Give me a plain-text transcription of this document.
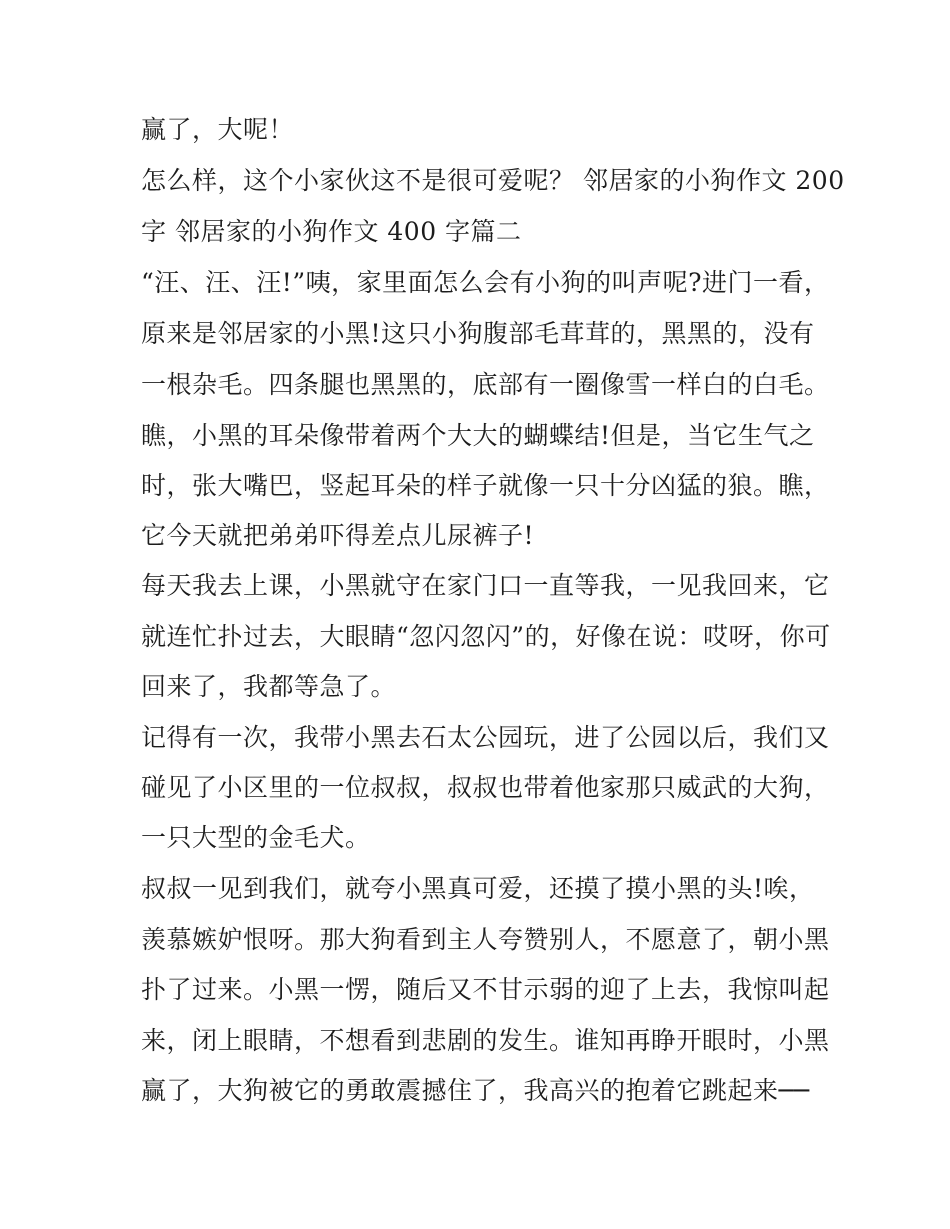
赢了，大呢！
怎么样，这个小家伙这不是很可爱呢？ 邻居家的小狗作文 200
字 邻居家的小狗作文 400 字篇二
“汪、汪、汪!”咦，家里面怎么会有小狗的叫声呢?进门一看，
原来是邻居家的小黑!这只小狗腹部毛茸茸的，黑黑的，没有
一根杂毛。四条腿也黑黑的，底部有一圈像雪一样白的白毛。
瞧，小黑的耳朵像带着两个大大的蝴蝶结!但是，当它生气之
时，张大嘴巴，竖起耳朵的样子就像一只十分凶猛的狼。瞧，
它今天就把弟弟吓得差点儿尿裤子!
每天我去上课，小黑就守在家门口一直等我，一见我回来，它
就连忙扑过去，大眼睛“忽闪忽闪”的，好像在说：哎呀，你可
回来了，我都等急了。
记得有一次，我带小黑去石太公园玩，进了公园以后，我们又
碰见了小区里的一位叔叔，叔叔也带着他家那只威武的大狗，
一只大型的金毛犬。
叔叔一见到我们，就夸小黑真可爱，还摸了摸小黑的头!唉，
羡慕嫉妒恨呀。那大狗看到主人夸赞别人，不愿意了，朝小黑
扑了过来。小黑一愣，随后又不甘示弱的迎了上去，我惊叫起
来，闭上眼睛，不想看到悲剧的发生。谁知再睁开眼时，小黑
赢了，大狗被它的勇敢震撼住了，我高兴的抱着它跳起来──
